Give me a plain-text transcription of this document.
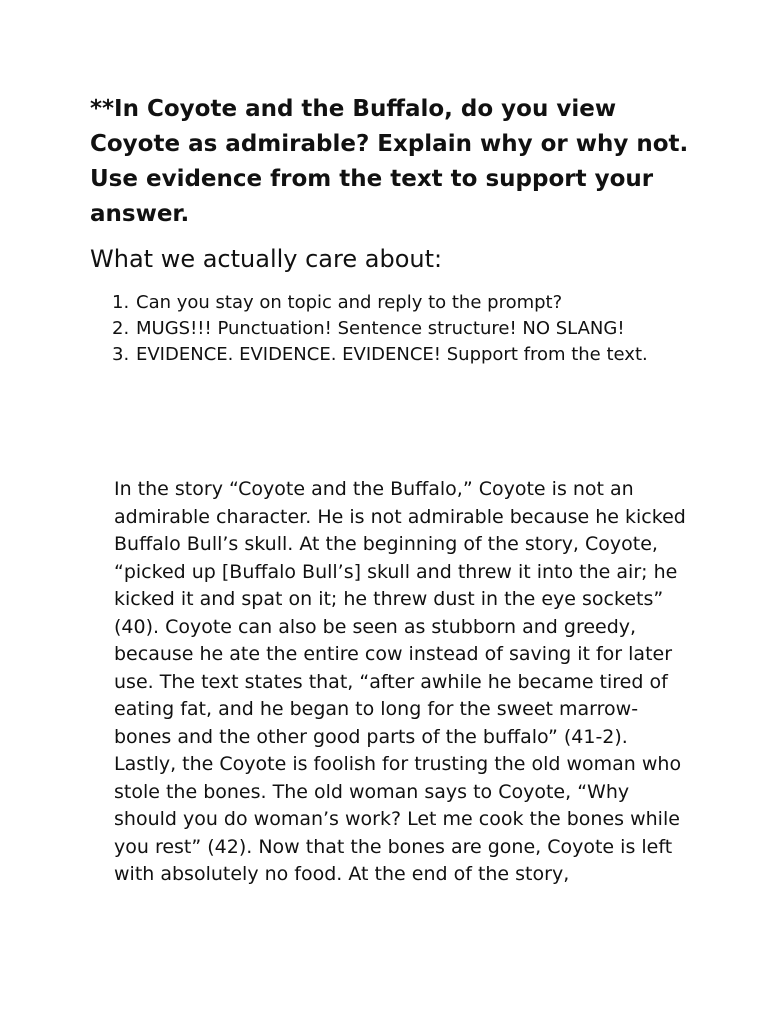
**In Coyote and the Buffalo, do you view Coyote as admirable? Explain why or why not. Use evidence from the text to support your answer.

What we actually care about:

1. Can you stay on topic and reply to the prompt?
2. MUGS!!! Punctuation! Sentence structure! NO SLANG!
3. EVIDENCE. EVIDENCE. EVIDENCE! Support from the text.

In the story “Coyote and the Buffalo,” Coyote is not an admirable character. He is not admirable because he kicked Buffalo Bull’s skull. At the beginning of the story, Coyote, “picked up [Buffalo Bull’s] skull and threw it into the air; he kicked it and spat on it; he threw dust in the eye sockets” (40). Coyote can also be seen as stubborn and greedy, because he ate the entire cow instead of saving it for later use. The text states that, “after awhile he became tired of eating fat, and he began to long for the sweet marrow-bones and the other good parts of the buffalo” (41-2). Lastly, the Coyote is foolish for trusting the old woman who stole the bones. The old woman says to Coyote, “Why should you do woman’s work? Let me cook the bones while you rest” (42). Now that the bones are gone, Coyote is left with absolutely no food. At the end of the story,
